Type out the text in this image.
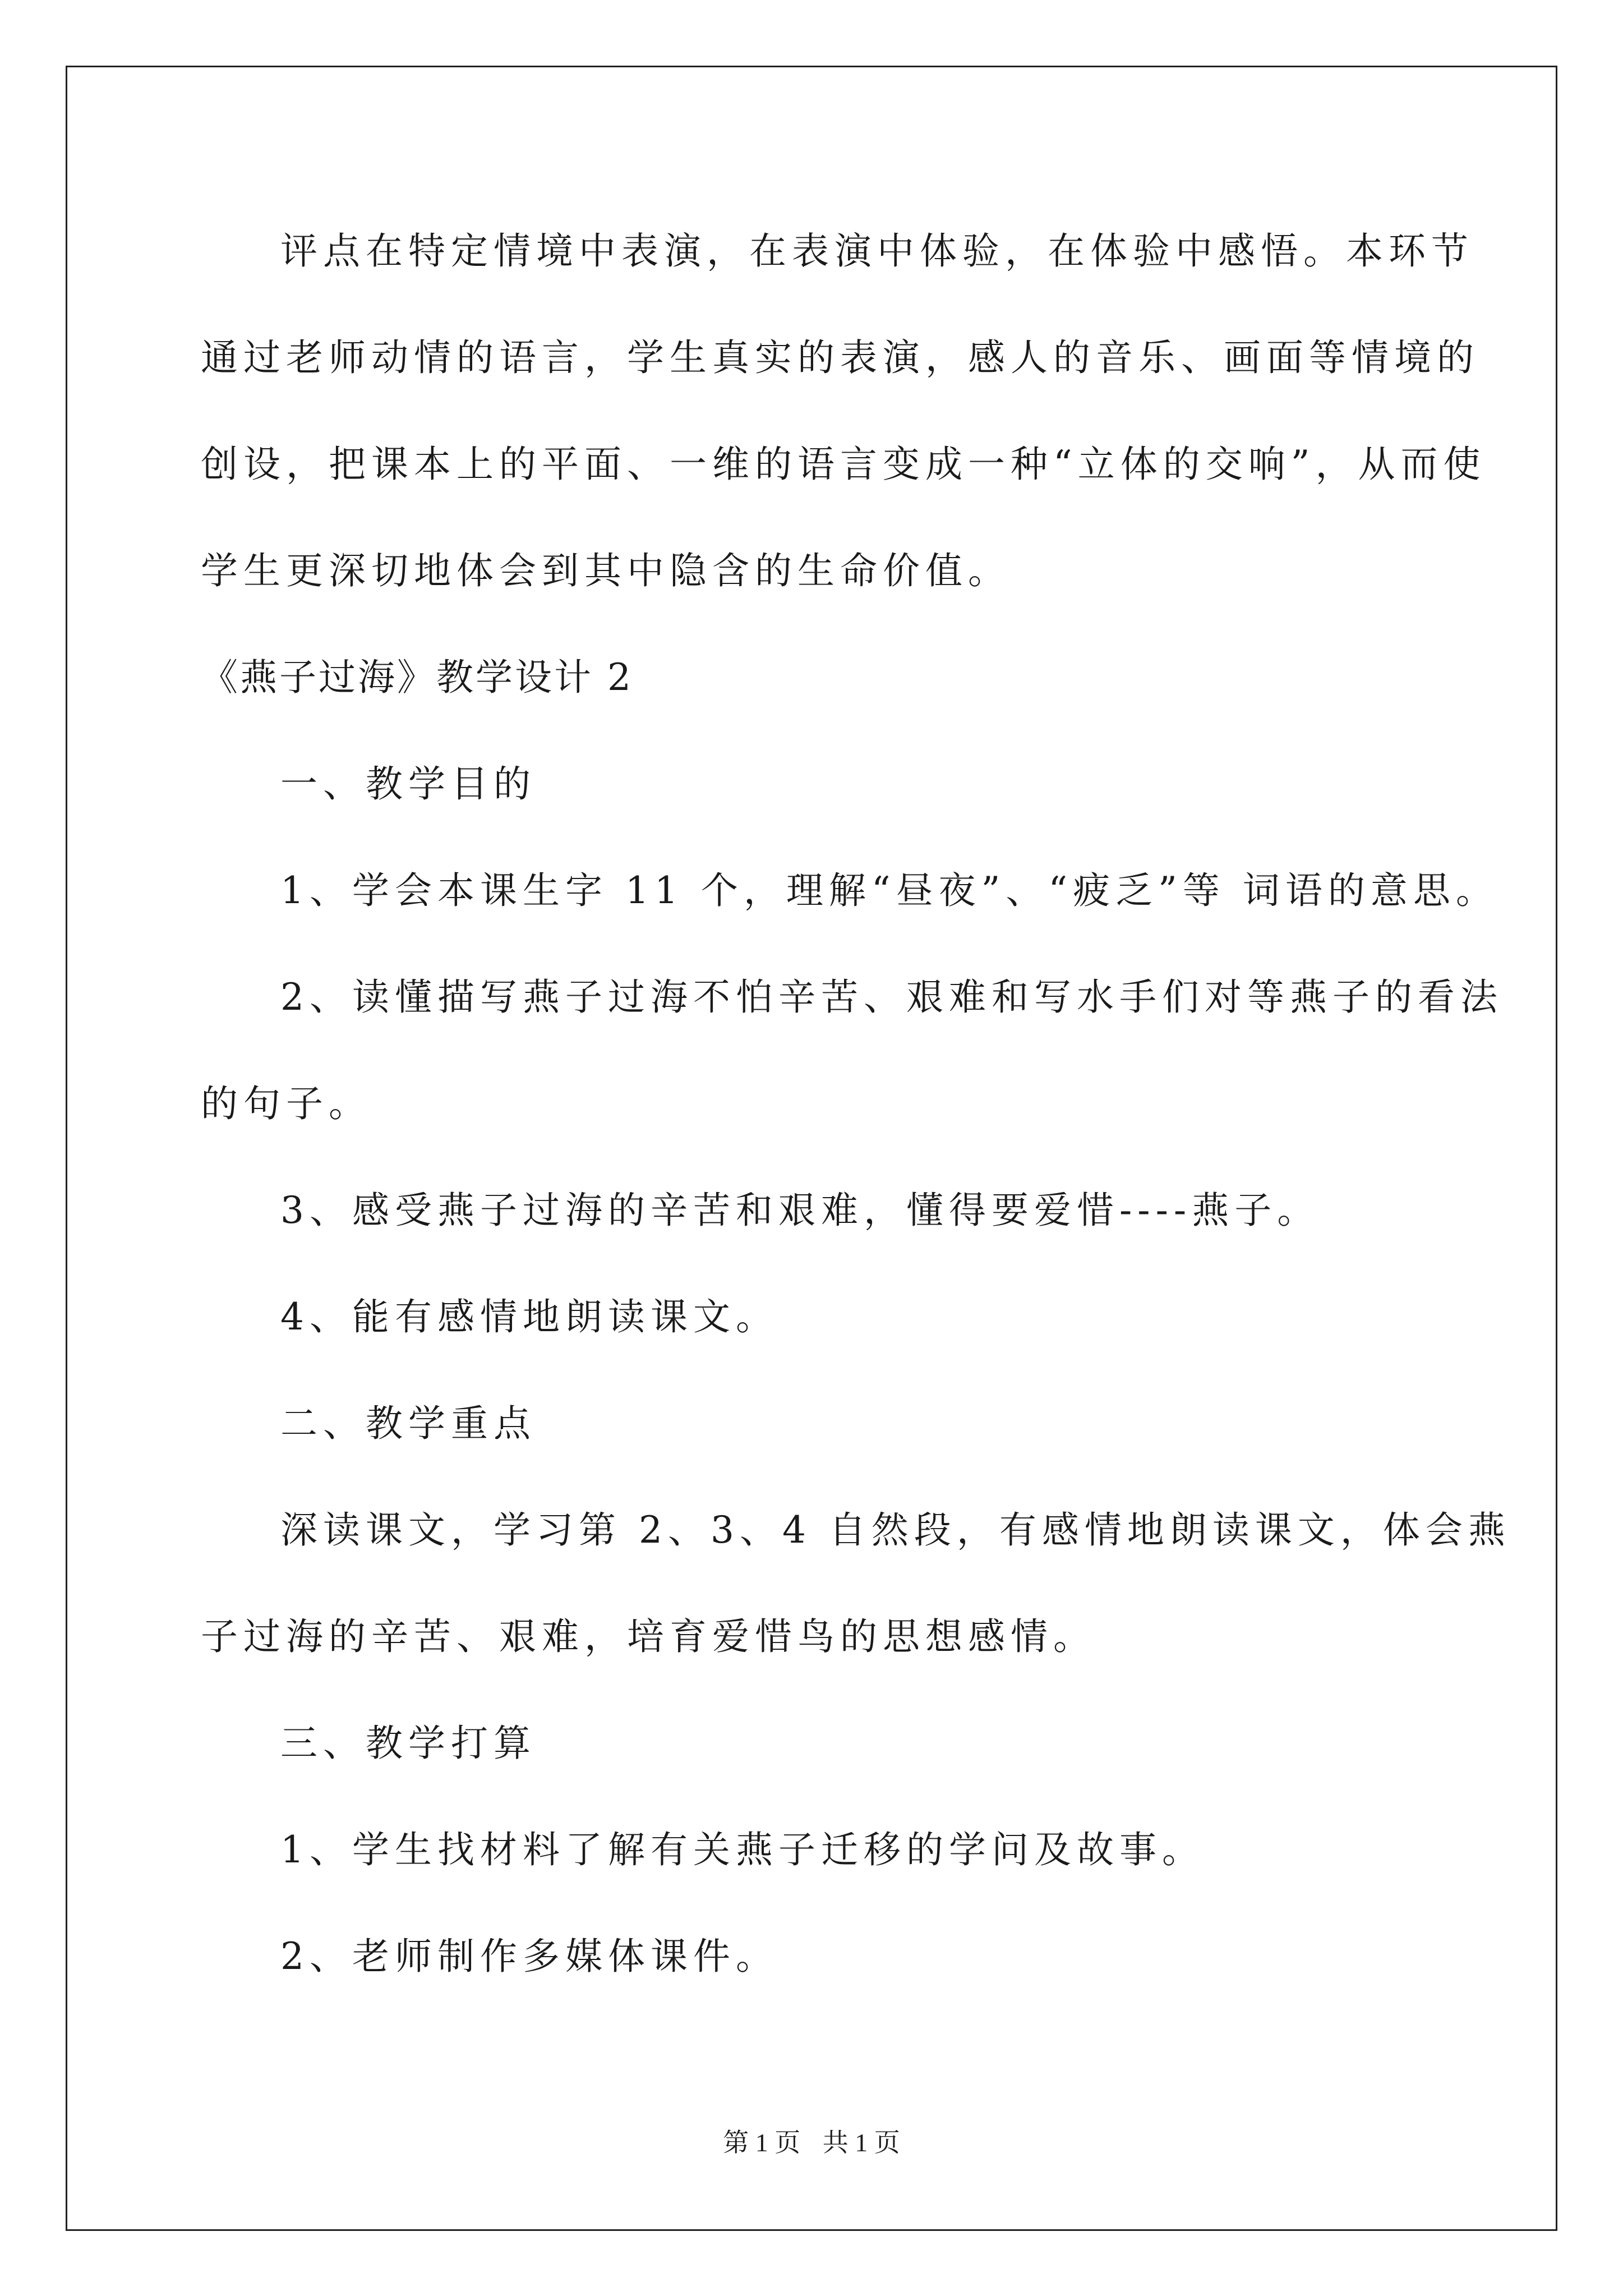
评点在特定情境中表演，在表演中体验，在体验中感悟。本环节
通过老师动情的语言，学生真实的表演，感人的音乐、画面等情境的
创设，把课本上的平面、一维的语言变成一种“立体的交响”，从而使
学生更深切地体会到其中隐含的生命价值。
《燕子过海》教学设计 2
一、教学目的
1、学会本课生字 11 个，理解“昼夜”、“疲乏”等 词语的意思。
2、读懂描写燕子过海不怕辛苦、艰难和写水手们对等燕子的看法
的句子。
3、感受燕子过海的辛苦和艰难，懂得要爱惜----燕子。
4、能有感情地朗读课文。
二、教学重点
深读课文，学习第 2、3、4 自然段，有感情地朗读课文，体会燕
子过海的辛苦、艰难，培育爱惜鸟的思想感情。
三、教学打算
1、学生找材料了解有关燕子迁移的学问及故事。
2、老师制作多媒体课件。
第 1 页 共 1 页
